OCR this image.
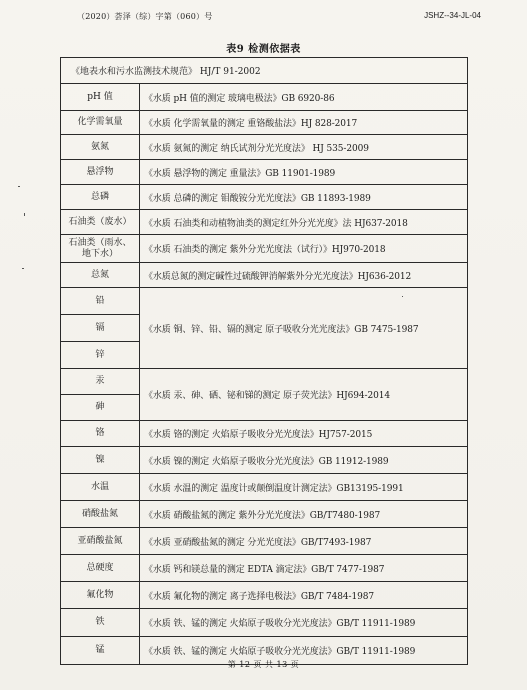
（2020）荟泽（综）字第（060）号	JSHZ--34-JL-04
表9 检测依据表
《地表水和污水监测技术规范》 HJ/T 91-2002	
pH 值	《水质 pH 值的测定 玻璃电极法》GB 6920-86
化学需氧量	《水质 化学需氧量的测定 重铬酸盐法》HJ 828-2017
氨氮	《水质 氨氮的测定 纳氏试剂分光光度法》 HJ 535-2009
悬浮物	《水质 悬浮物的测定 重量法》GB 11901-1989
总磷	《水质 总磷的测定 钼酸铵分光光度法》GB 11893-1989
石油类（废水）	《水质 石油类和动植物油类的测定红外分光光度》法 HJ637-2018
石油类（雨水、地下水）	《水质 石油类的测定 紫外分光光度法（试行）》HJ970-2018
总氮	《水质总氮的测定碱性过硫酸钾消解紫外分光光度法》HJ636-2012
铅	《水质 铜、锌、铅、镉的测定 原子吸收分光光度法》GB 7475-1987
镉	
锌	
汞	《水质 汞、砷、硒、铋和锑的测定 原子荧光法》HJ694-2014
砷	
铬	《水质 铬的测定 火焰原子吸收分光光度法》HJ757-2015
镍	《水质 镍的测定 火焰原子吸收分光光度法》GB 11912-1989
水温	《水质 水温的测定 温度计或颠倒温度计测定法》GB13195-1991
硝酸盐氮	《水质 硝酸盐氮的测定 紫外分光光度法》GB/T7480-1987
亚硝酸盐氮	《水质 亚硝酸盐氮的测定 分光光度法》GB/T7493-1987
总硬度	《水质 钙和镁总量的测定 EDTA 滴定法》GB/T 7477-1987
氟化物	《水质 氟化物的测定 离子选择电极法》GB/T 7484-1987
铁	《水质 铁、锰的测定 火焰原子吸收分光光度法》GB/T 11911-1989
锰	《水质 铁、锰的测定 火焰原子吸收分光光度法》GB/T 11911-1989
第 12 页 共 13 页
